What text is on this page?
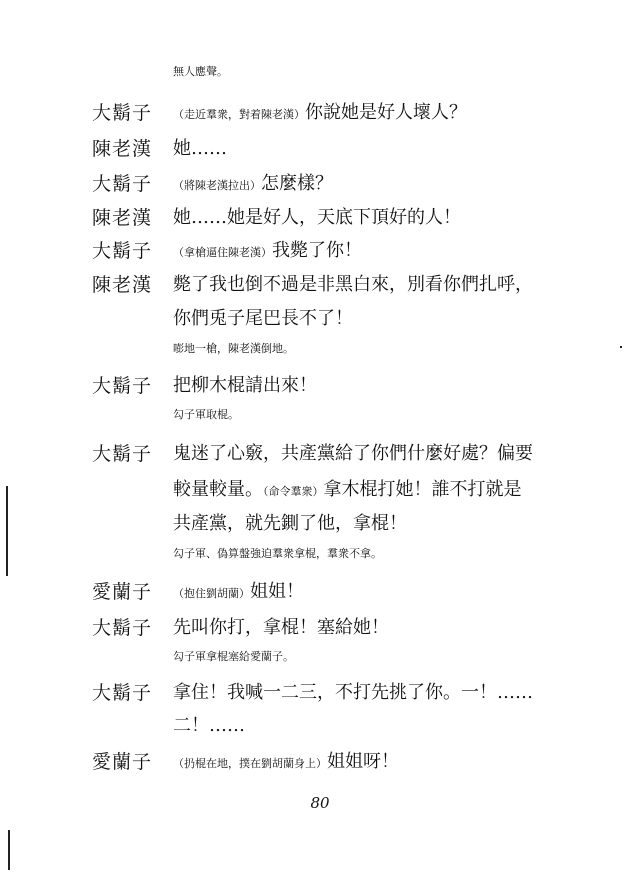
無人應聲。
大鬍子	（走近羣衆，對着陳老漢）你說她是好人壞人？
陳老漢	她……
大鬍子	（將陳老漢拉出）怎麼樣？
陳老漢	她……她是好人，天底下頂好的人！
大鬍子	（拿槍逼住陳老漢）我斃了你！
陳老漢	斃了我也倒不過是非黑白來，別看你們扎呼，
你們兎子尾巴長不了！
嘭地一槍，陳老漢倒地。
大鬍子	把柳木棍請出來！
勾子軍取棍。
大鬍子	鬼迷了心竅，共產黨給了你們什麼好處？偏要
較量較量。（命令羣衆）拿木棍打她！誰不打就是
共產黨，就先鍘了他，拿棍！
勾子軍、偽算盤強迫羣衆拿棍，羣衆不拿。
愛蘭子	（抱住劉胡蘭）姐姐！
大鬍子	先叫你打，拿棍！塞給她！
勾子軍拿棍塞給愛蘭子。
大鬍子	拿住！我喊一二三，不打先挑了你。一！……
二！……
愛蘭子	（扔棍在地，撲在劉胡蘭身上）姐姐呀！
80
